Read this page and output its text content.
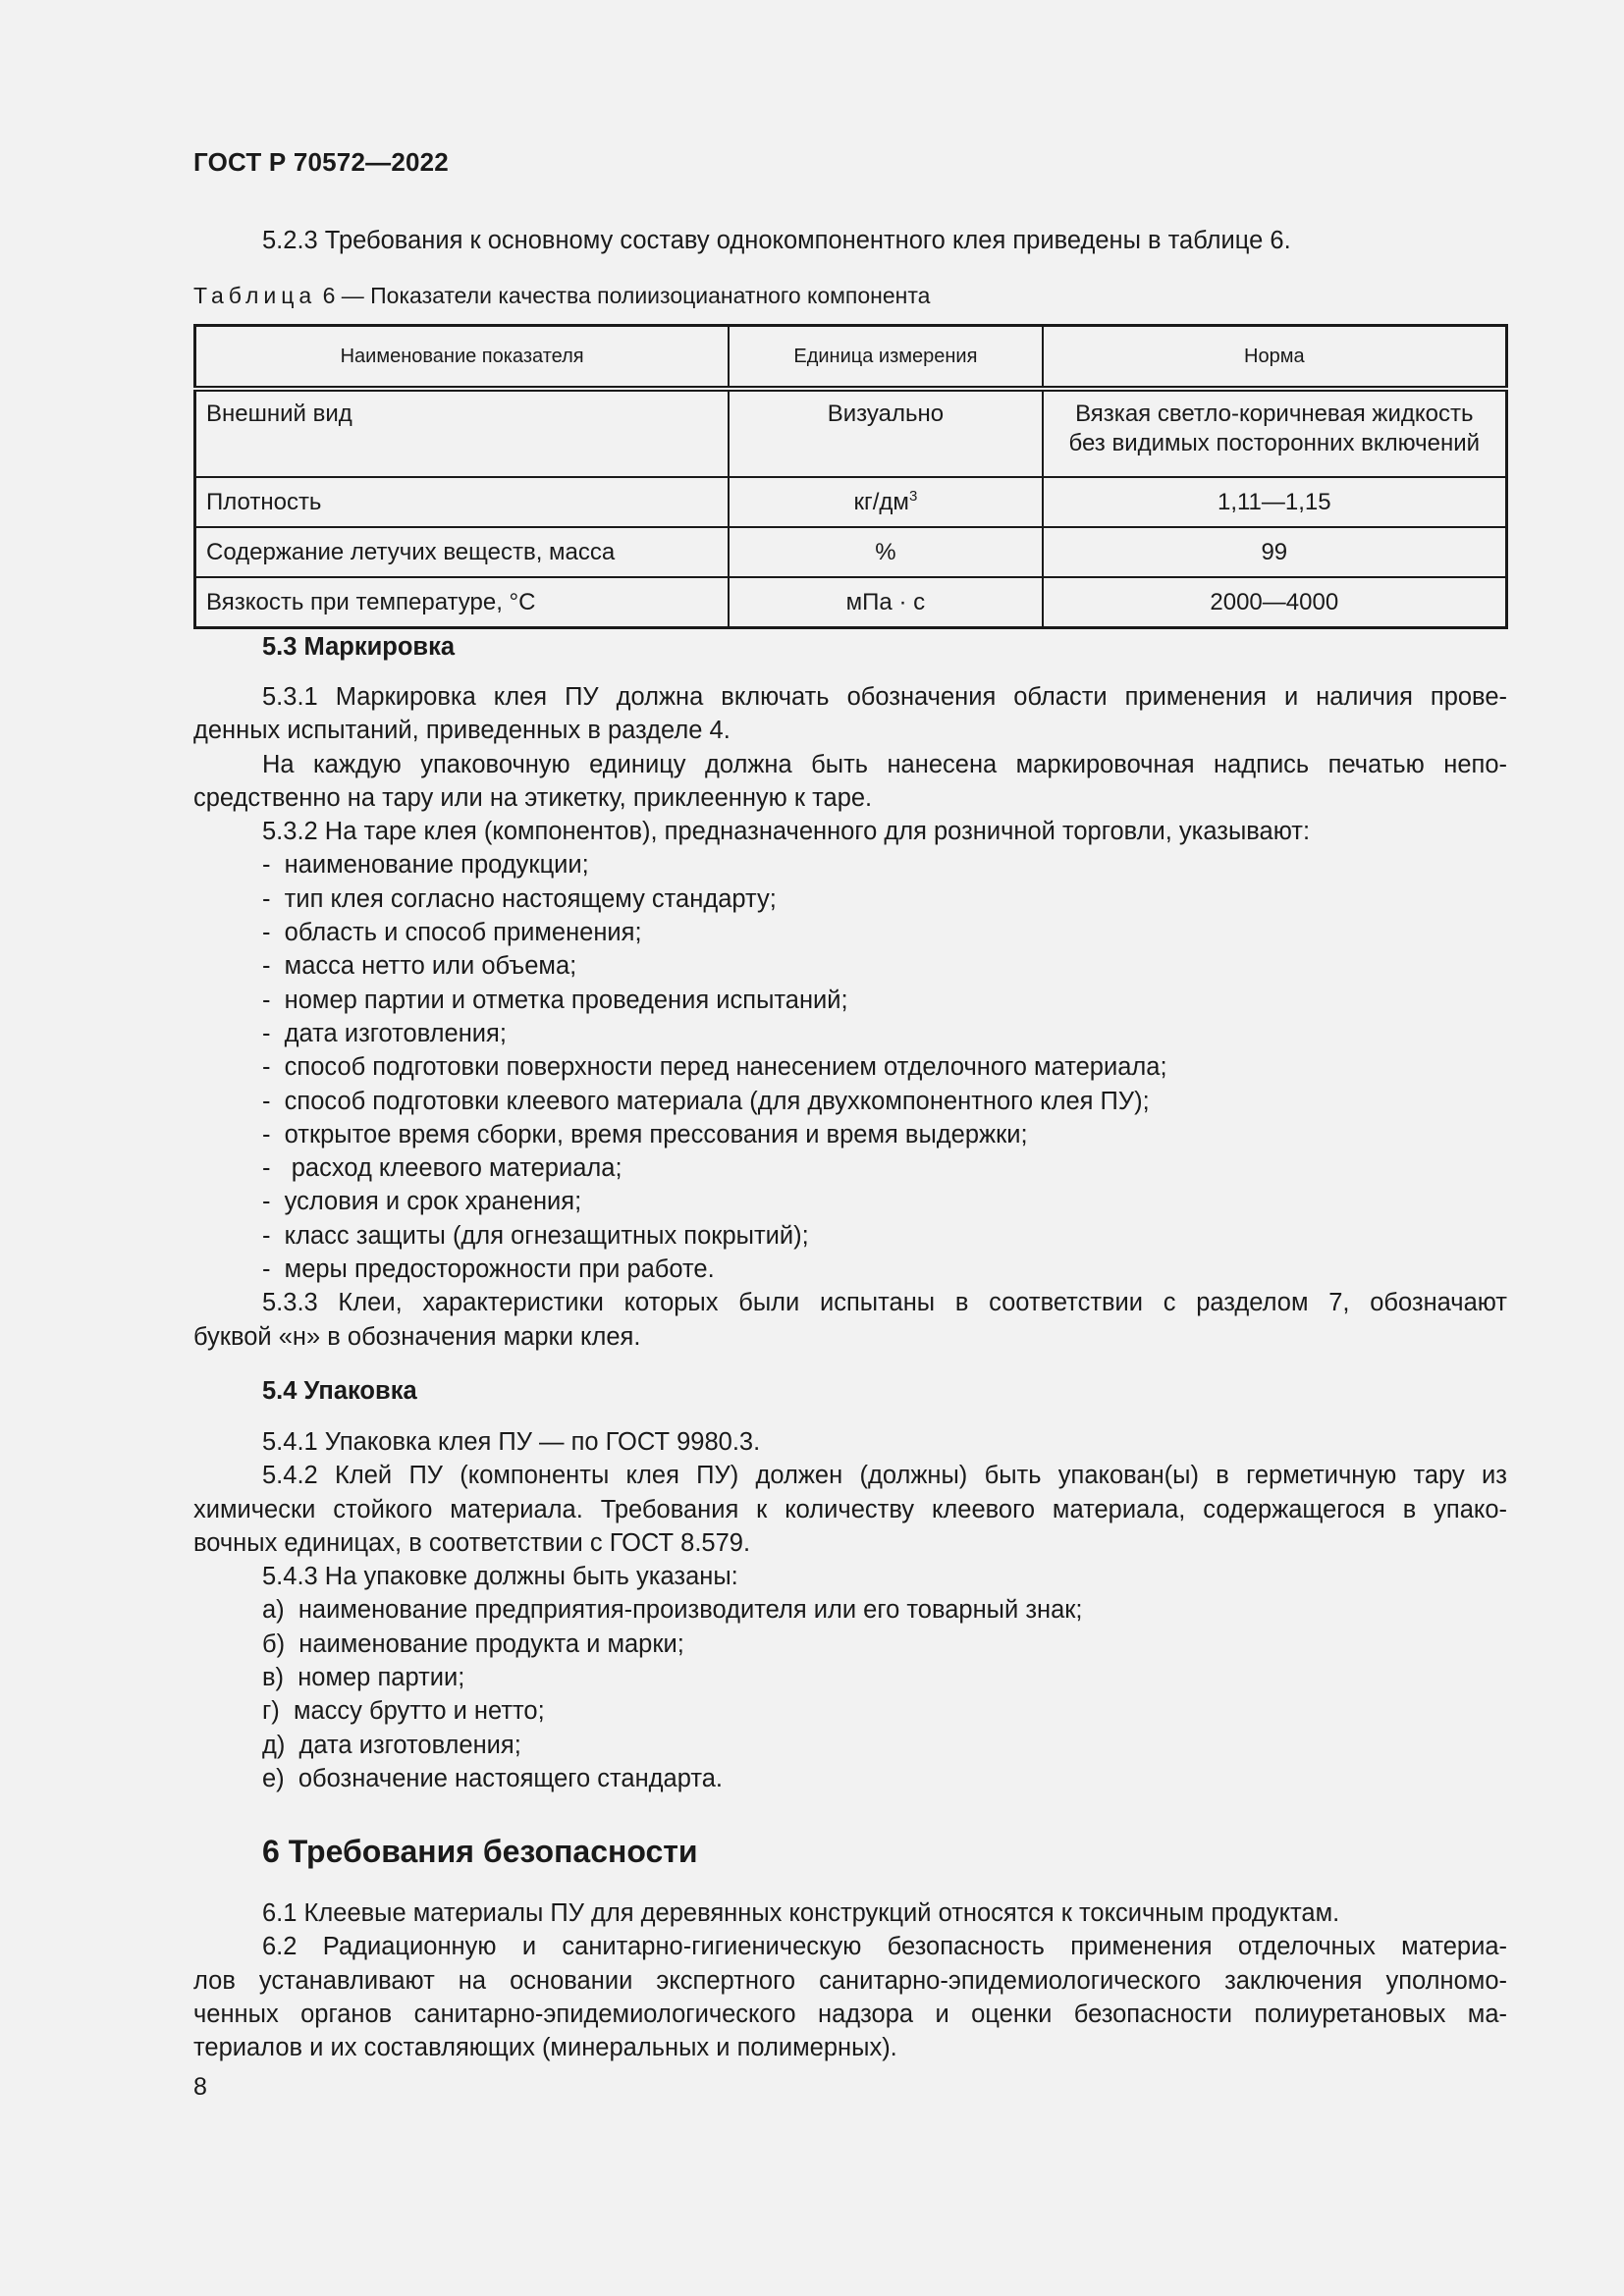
ГОСТ Р 70572—2022
5.2.3 Требования к основному составу однокомпонентного клея приведены в таблице 6.
Таблица 6 — Показатели качества полиизоцианатного компонента
Наименование показателя	Единица измерения	Норма
Внешний вид	Визуально	Вязкая светло-коричневая жидкость
без видимых посторонних включений
Плотность	$кг/дм^3$	1,11—1,15
Содержание летучих веществ, масса	%	99
Вязкость при температуре, °С	мПа · с	2000—4000
5.3 Маркировка
5.3.1 Маркировка клея ПУ должна включать обозначения области применения и наличия прове-
денных испытаний, приведенных в разделе 4.
На каждую упаковочную единицу должна быть нанесена маркировочная надпись печатью непо-
средственно на тару или на этикетку, приклеенную к таре.
5.3.2 На таре клея (компонентов), предназначенного для розничной торговли, указывают:
-  наименование продукции;
-  тип клея согласно настоящему стандарту;
-  область и способ применения;
-  масса нетто или объема;
-  номер партии и отметка проведения испытаний;
-  дата изготовления;
-  способ подготовки поверхности перед нанесением отделочного материала;
-  способ подготовки клеевого материала (для двухкомпонентного клея ПУ);
-  открытое время сборки, время прессования и время выдержки;
-   расход клеевого материала;
-  условия и срок хранения;
-  класс защиты (для огнезащитных покрытий);
-  меры предосторожности при работе.
5.3.3 Клеи, характеристики которых были испытаны в соответствии с разделом 7, обозначают
буквой «н» в обозначения марки клея.
5.4 Упаковка
5.4.1 Упаковка клея ПУ — по ГОСТ 9980.3.
5.4.2 Клей ПУ (компоненты клея ПУ) должен (должны) быть упакован(ы) в герметичную тару из
химически стойкого материала. Требования к количеству клеевого материала, содержащегося в упако-
вочных единицах, в соответствии с ГОСТ 8.579.
5.4.3 На упаковке должны быть указаны:
а)  наименование предприятия-производителя или его товарный знак;
б)  наименование продукта и марки;
в)  номер партии;
г)  массу брутто и нетто;
д)  дата изготовления;
е)  обозначение настоящего стандарта.
6 Требования безопасности
6.1 Клеевые материалы ПУ для деревянных конструкций относятся к токсичным продуктам.
6.2 Радиационную и санитарно-гигиеническую безопасность применения отделочных материа-
лов устанавливают на основании экспертного санитарно-эпидемиологического заключения уполномо-
ченных органов санитарно-эпидемиологического надзора и оценки безопасности полиуретановых ма-
териалов и их составляющих (минеральных и полимерных).
8
